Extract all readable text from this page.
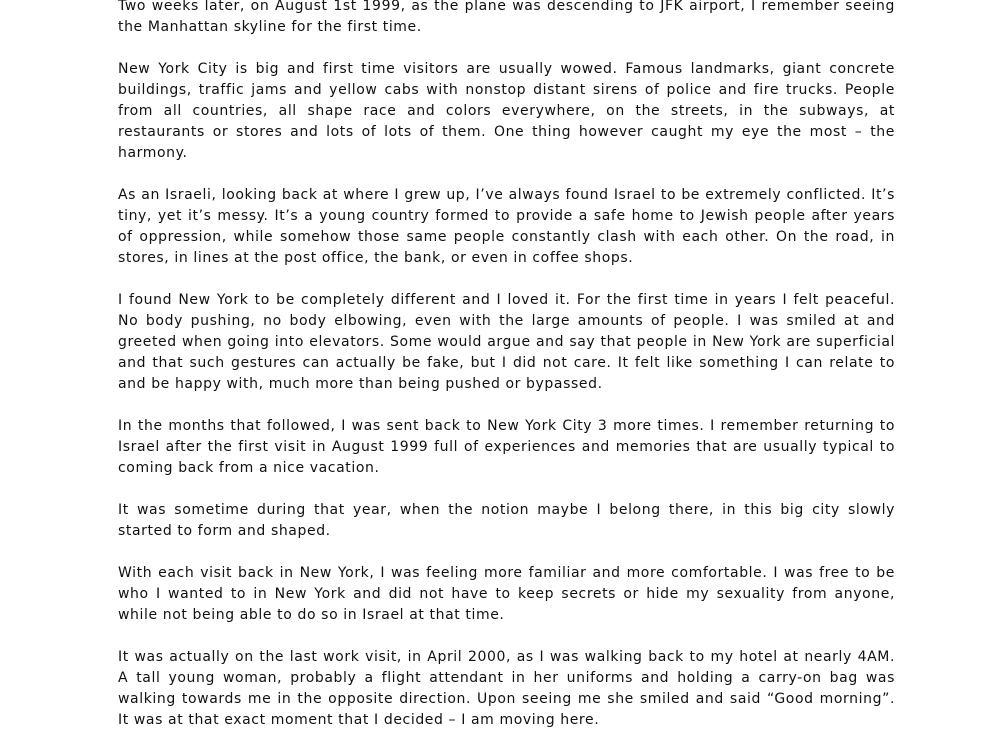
Two weeks later, on August 1st 1999, as the plane was descending to JFK airport, I remember seeing the Manhattan skyline for the first time.

New York City is big and first time visitors are usually wowed. Famous landmarks, giant concrete buildings, traffic jams and yellow cabs with nonstop distant sirens of police and fire trucks. People from all countries, all shape race and colors everywhere, on the streets, in the subways, at restaurants or stores and lots of lots of them. One thing however caught my eye the most – the harmony.

As an Israeli, looking back at where I grew up, I’ve always found Israel to be extremely conflicted. It’s tiny, yet it’s messy. It’s a young country formed to provide a safe home to Jewish people after years of oppression, while somehow those same people constantly clash with each other. On the road, in stores, in lines at the post office, the bank, or even in coffee shops.

I found New York to be completely different and I loved it. For the first time in years I felt peaceful. No body pushing, no body elbowing, even with the large amounts of people. I was smiled at and greeted when going into elevators. Some would argue and say that people in New York are superficial and that such gestures can actually be fake, but I did not care. It felt like something I can relate to and be happy with, much more than being pushed or bypassed.

In the months that followed, I was sent back to New York City 3 more times. I remember returning to Israel after the first visit in August 1999 full of experiences and memories that are usually typical to coming back from a nice vacation.

It was sometime during that year, when the notion maybe I belong there, in this big city slowly started to form and shaped.

With each visit back in New York, I was feeling more familiar and more comfortable. I was free to be who I wanted to in New York and did not have to keep secrets or hide my sexuality from anyone, while not being able to do so in Israel at that time.

It was actually on the last work visit, in April 2000, as I was walking back to my hotel at nearly 4AM. A tall young woman, probably a flight attendant in her uniforms and holding a carry-on bag was walking towards me in the opposite direction. Upon seeing me she smiled and said “Good morning”. It was at that exact moment that I decided – I am moving here.
